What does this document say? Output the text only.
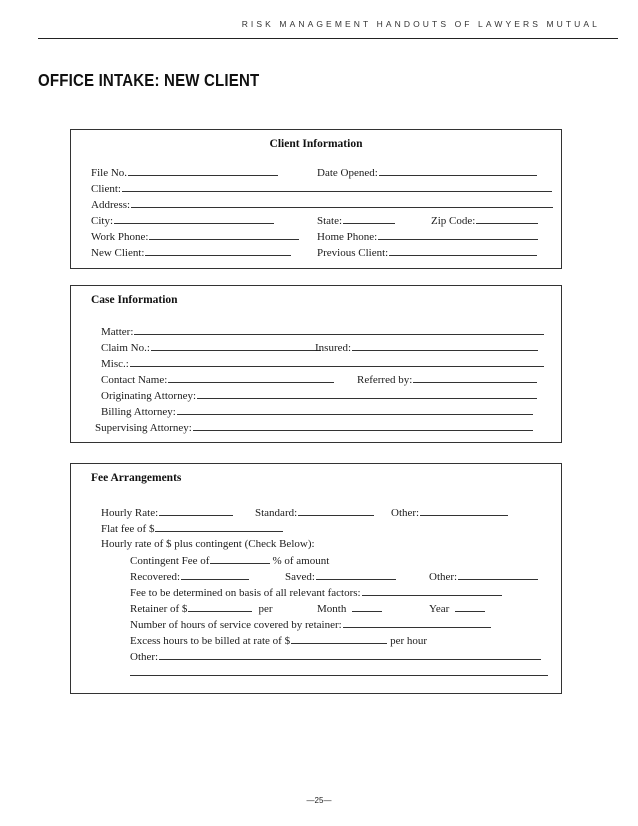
RISK MANAGEMENT HANDOUTS OF LAWYERS MUTUAL
OFFICE INTAKE: NEW CLIENT
Client Information
File No.	Date Opened:
Client:
Address:
City:	State:	Zip Code:
Work Phone:	Home Phone:
New Client:	Previous Client:
Case Information
Matter:
Claim No.:	Insured:
Misc.:
Contact Name:	Referred by:
Originating Attorney:
Billing Attorney:
Supervising Attorney:
Fee Arrangements
Hourly Rate:	Standard:	Other:
Flat fee of $
Hourly rate of $ plus contingent (Check Below):
Contingent Fee of	% of amount
Recovered:	Saved:	Other:
Fee to be determined on basis of all relevant factors:
Retainer of $	per	Month	Year
Number of hours of service covered by retainer:
Excess hours to be billed at rate of $	per hour
Other:
—25—
